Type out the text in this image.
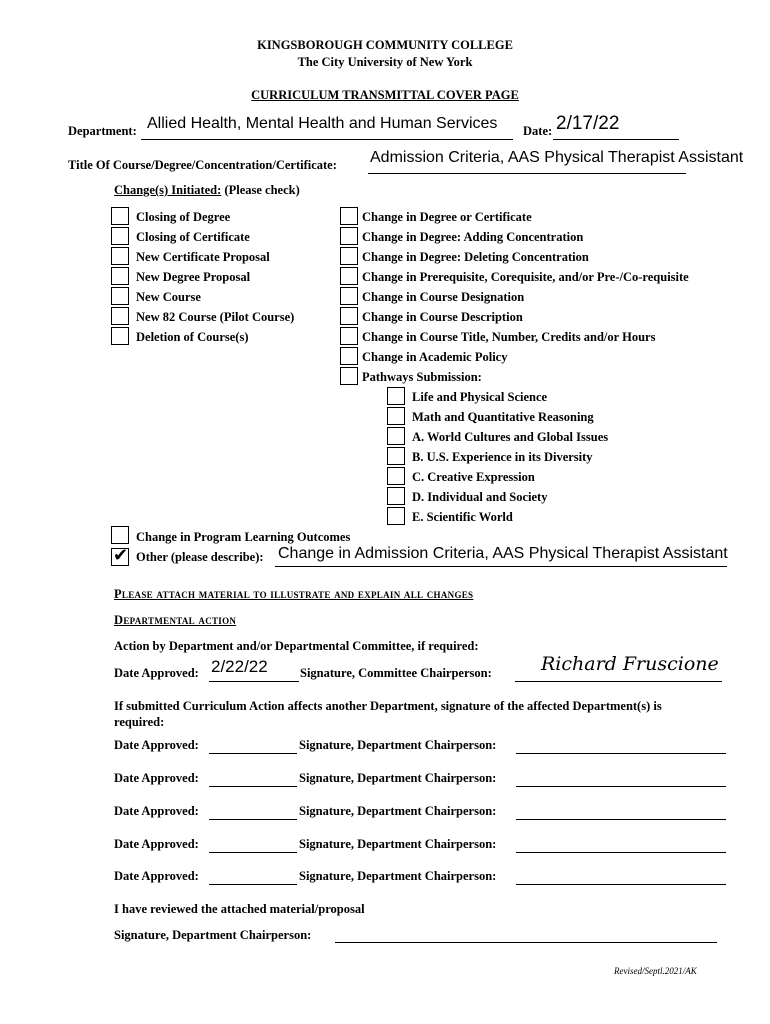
KINGSBOROUGH COMMUNITY COLLEGE
The City University of New York
CURRICULUM TRANSMITTAL COVER PAGE
Department: Allied Health, Mental Health and Human Services Date: 2/17/22
Title Of Course/Degree/Concentration/Certificate: Admission Criteria, AAS Physical Therapist Assistant
Change(s) Initiated: (Please check)
Closing of Degree
Closing of Certificate
New Certificate Proposal
New Degree Proposal
New Course
New 82 Course (Pilot Course)
Deletion of Course(s)
Change in Degree or Certificate
Change in Degree: Adding Concentration
Change in Degree: Deleting Concentration
Change in Prerequisite, Corequisite, and/or Pre-/Co-requisite
Change in Course Designation
Change in Course Description
Change in Course Title, Number, Credits and/or Hours
Change in Academic Policy
Pathways Submission:
Life and Physical Science
Math and Quantitative Reasoning
A. World Cultures and Global Issues
B. U.S. Experience in its Diversity
C. Creative Expression
D. Individual and Society
E. Scientific World
Change in Program Learning Outcomes
✔ Other (please describe): Change in Admission Criteria, AAS Physical Therapist Assistant
Please attach material to illustrate and explain all changes
Departmental action
Action by Department and/or Departmental Committee, if required:
Date Approved: 2/22/22	Signature, Committee Chairperson:	Richard Fruscione
If submitted Curriculum Action affects another Department, signature of the affected Department(s) is
required:
Date Approved:	Signature, Department Chairperson:
Date Approved:	Signature, Department Chairperson:
Date Approved:	Signature, Department Chairperson:
Date Approved:	Signature, Department Chairperson:
Date Approved:	Signature, Department Chairperson:
I have reviewed the attached material/proposal
Signature, Department Chairperson:
Revised/Septl.2021/AK
